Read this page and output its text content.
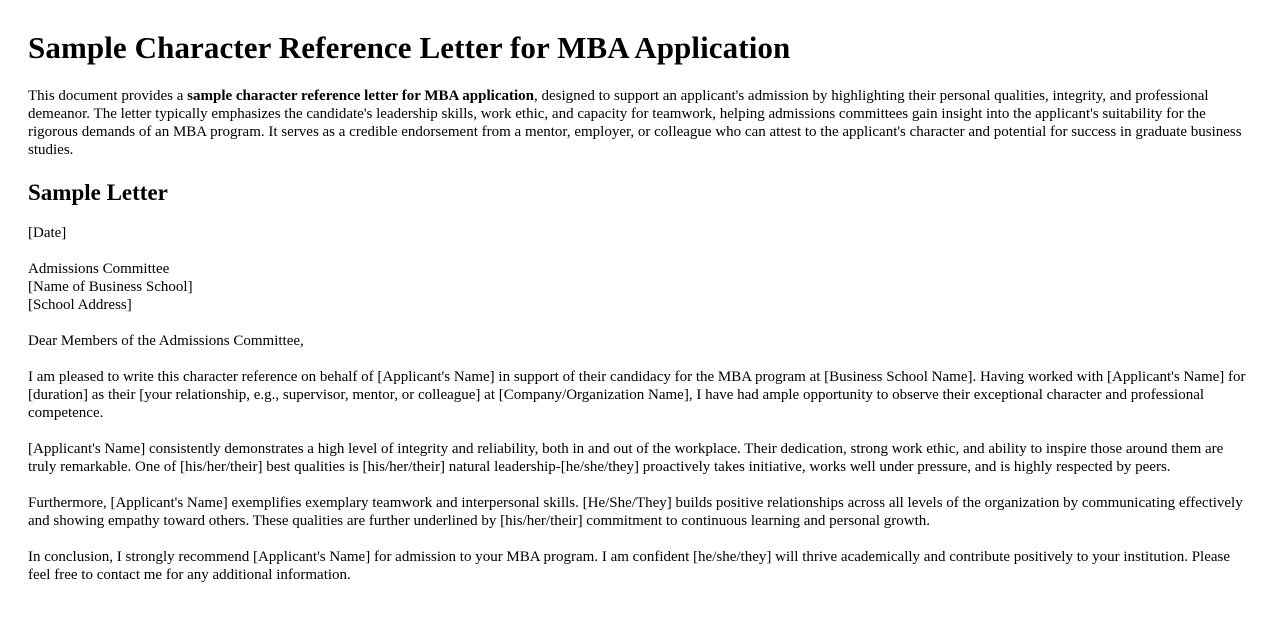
Sample Character Reference Letter for MBA Application

This document provides a sample character reference letter for MBA application, designed to support an applicant's admission by highlighting their personal qualities, integrity, and professional demeanor. The letter typically emphasizes the candidate's leadership skills, work ethic, and capacity for teamwork, helping admissions committees gain insight into the applicant's suitability for the rigorous demands of an MBA program. It serves as a credible endorsement from a mentor, employer, or colleague who can attest to the applicant's character and potential for success in graduate business studies.

Sample Letter

[Date]

Admissions Committee
[Name of Business School]
[School Address]

Dear Members of the Admissions Committee,

I am pleased to write this character reference on behalf of [Applicant's Name] in support of their candidacy for the MBA program at [Business School Name]. Having worked with [Applicant's Name] for [duration] as their [your relationship, e.g., supervisor, mentor, or colleague] at [Company/Organization Name], I have had ample opportunity to observe their exceptional character and professional competence.

[Applicant's Name] consistently demonstrates a high level of integrity and reliability, both in and out of the workplace. Their dedication, strong work ethic, and ability to inspire those around them are truly remarkable. One of [his/her/their] best qualities is [his/her/their] natural leadership-[he/she/they] proactively takes initiative, works well under pressure, and is highly respected by peers.

Furthermore, [Applicant's Name] exemplifies exemplary teamwork and interpersonal skills. [He/She/They] builds positive relationships across all levels of the organization by communicating effectively and showing empathy toward others. These qualities are further underlined by [his/her/their] commitment to continuous learning and personal growth.

In conclusion, I strongly recommend [Applicant's Name] for admission to your MBA program. I am confident [he/she/they] will thrive academically and contribute positively to your institution. Please feel free to contact me for any additional information.
